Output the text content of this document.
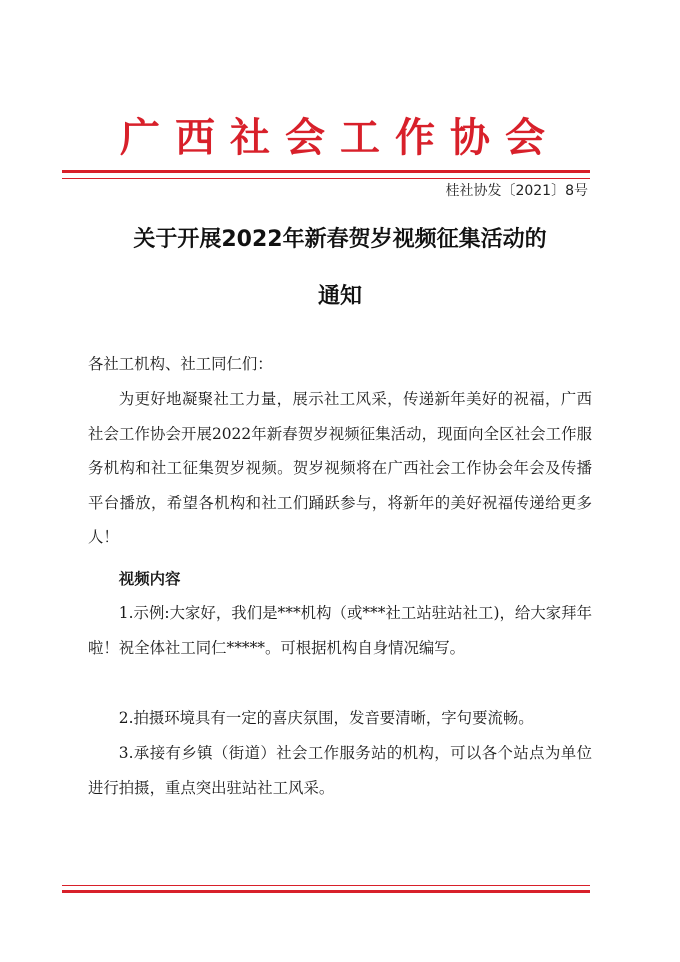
广西社会工作协会
桂社协发〔2021〕8号
关于开展2022年新春贺岁视频征集活动的
通知

各社工机构、社工同仁们：

为更好地凝聚社工力量，展示社工风采，传递新年美好的祝福，广西社会工作协会开展2022年新春贺岁视频征集活动，现面向全区社会工作服务机构和社工征集贺岁视频。贺岁视频将在广西社会工作协会年会及传播平台播放，希望各机构和社工们踊跃参与，将新年的美好祝福传递给更多人！

视频内容

1.示例:大家好，我们是***机构（或***社工站驻站社工)，给大家拜年啦！祝全体社工同仁*****。可根据机构自身情况编写。

2.拍摄环境具有一定的喜庆氛围，发音要清晰，字句要流畅。

3.承接有乡镇（街道）社会工作服务站的机构，可以各个站点为单位进行拍摄，重点突出驻站社工风采。
